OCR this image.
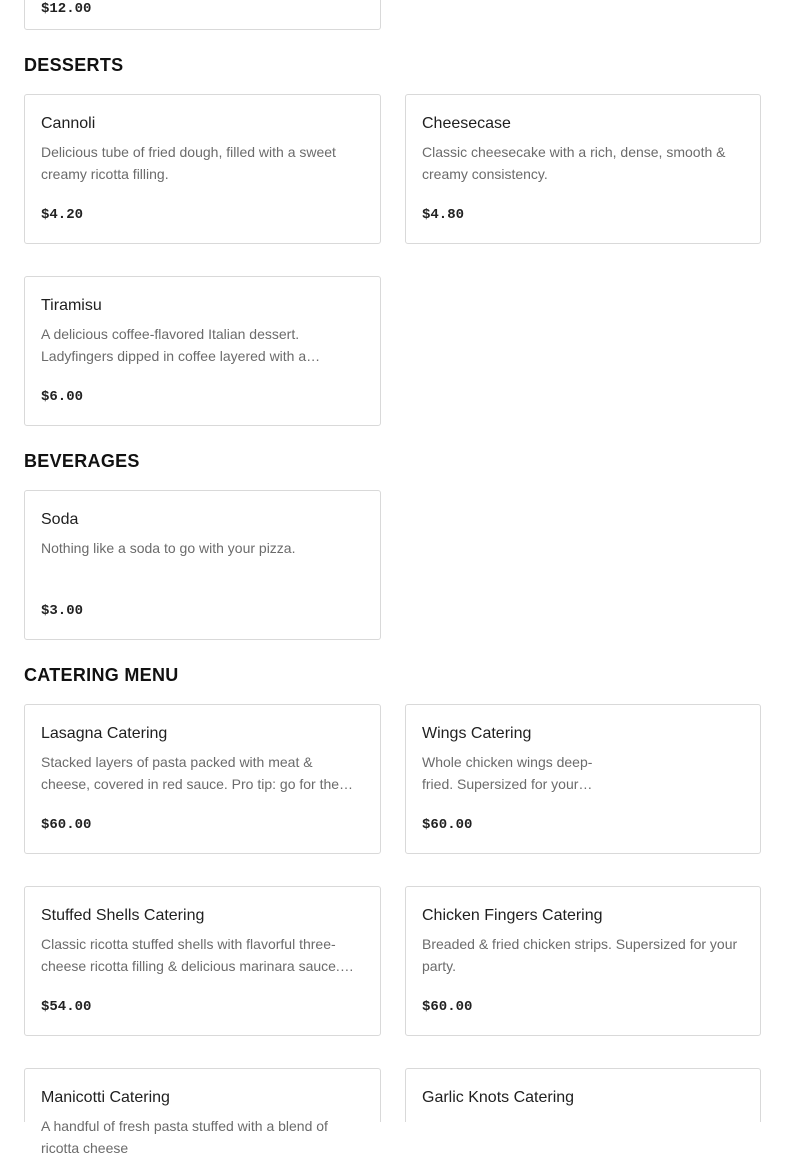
$12.00
DESSERTS
Cannoli
Delicious tube of fried dough, filled with a sweet creamy ricotta filling.
$4.20
Cheesecase
Classic cheesecake with a rich, dense, smooth & creamy consistency.
$4.80
Tiramisu
A delicious coffee-flavored Italian dessert. Ladyfingers dipped in coffee layered with a…
$6.00
BEVERAGES
Soda
Nothing like a soda to go with your pizza.
$3.00
CATERING MENU
Lasagna Catering
Stacked layers of pasta packed with meat & cheese, covered in red sauce. Pro tip: go for the…
$60.00
Wings Catering
Whole chicken wings deep-fried. Supersized for your…
$60.00
Stuffed Shells Catering
Classic ricotta stuffed shells with flavorful three-cheese ricotta filling & delicious marinara sauce.…
$54.00
Chicken Fingers Catering
Breaded & fried chicken strips. Supersized for your party.
$60.00
Manicotti Catering
A handful of fresh pasta stuffed with a blend of ricotta cheese
Garlic Knots Catering
